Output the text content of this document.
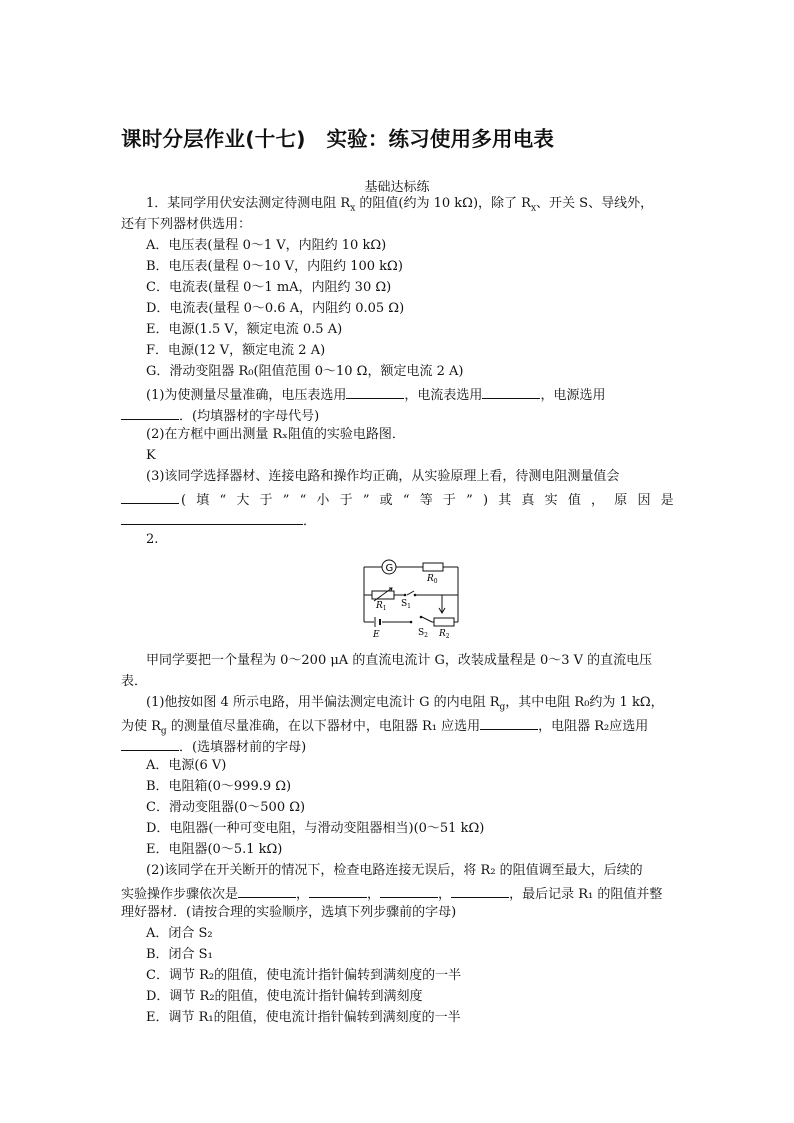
课时分层作业(十七)　实验：练习使用多用电表
基础达标练
1．某同学用伏安法测定待测电阻 $R_x$ 的阻值(约为 10 kΩ)，除了 $R_x$、开关 S、导线外，
还有下列器材供选用：
A．电压表(量程 0～1 V，内阻约 10 kΩ)
B．电压表(量程 0～10 V，内阻约 100 kΩ)
C．电流表(量程 0～1 mA，内阻约 30 Ω)
D．电流表(量程 0～0.6 A，内阻约 0.05 Ω)
E．电源(1.5 V，额定电流 0.5 A)
F．电源(12 V，额定电流 2 A)
G．滑动变阻器 R₀(阻值范围 0～10 Ω，额定电流 2 A)
(1)为使测量尽量准确，电压表选用	，电流表选用	，电源选用
．(均填器材的字母代号)
(2)在方框中画出测量 Rₓ阻值的实验电路图．
K
(3)该同学选择器材、连接电路和操作均正确，从实验原理上看，待测电阻测量值会
( 填 “ 大 于 ” “ 小 于 ” 或 “ 等 于 ” ) 其 真 实 值 ， 原 因 是
．
2.
G
$R_0$
$R_1$ $S_1$
E	$S_2$ $R_2$
甲同学要把一个量程为 0～200 μA 的直流电流计 G，改装成量程是 0～3 V 的直流电压
表．
(1)他按如图 4 所示电路，用半偏法测定电流计 G 的内电阻 $R_g$，其中电阻 R₀约为 1 kΩ，
为使 $R_g$ 的测量值尽量准确，在以下器材中，电阻器 R₁ 应选用	，电阻器 R₂应选用
．(选填器材前的字母)
A．电源(6 V)
B．电阻箱(0～999.9 Ω)
C．滑动变阻器(0～500 Ω)
D．电阻器(一种可变电阻，与滑动变阻器相当)(0～51 kΩ)
E．电阻器(0～5.1 kΩ)
(2)该同学在开关断开的情况下，检查电路连接无误后，将 R₂ 的阻值调至最大，后续的
实验操作步骤依次是	，	，	，	，最后记录 R₁ 的阻值并整
理好器材．(请按合理的实验顺序，选填下列步骤前的字母)
A．闭合 S₂
B．闭合 S₁
C．调节 R₂的阻值，使电流计指针偏转到满刻度的一半
D．调节 R₂的阻值，使电流计指针偏转到满刻度
E．调节 R₁的阻值，使电流计指针偏转到满刻度的一半
